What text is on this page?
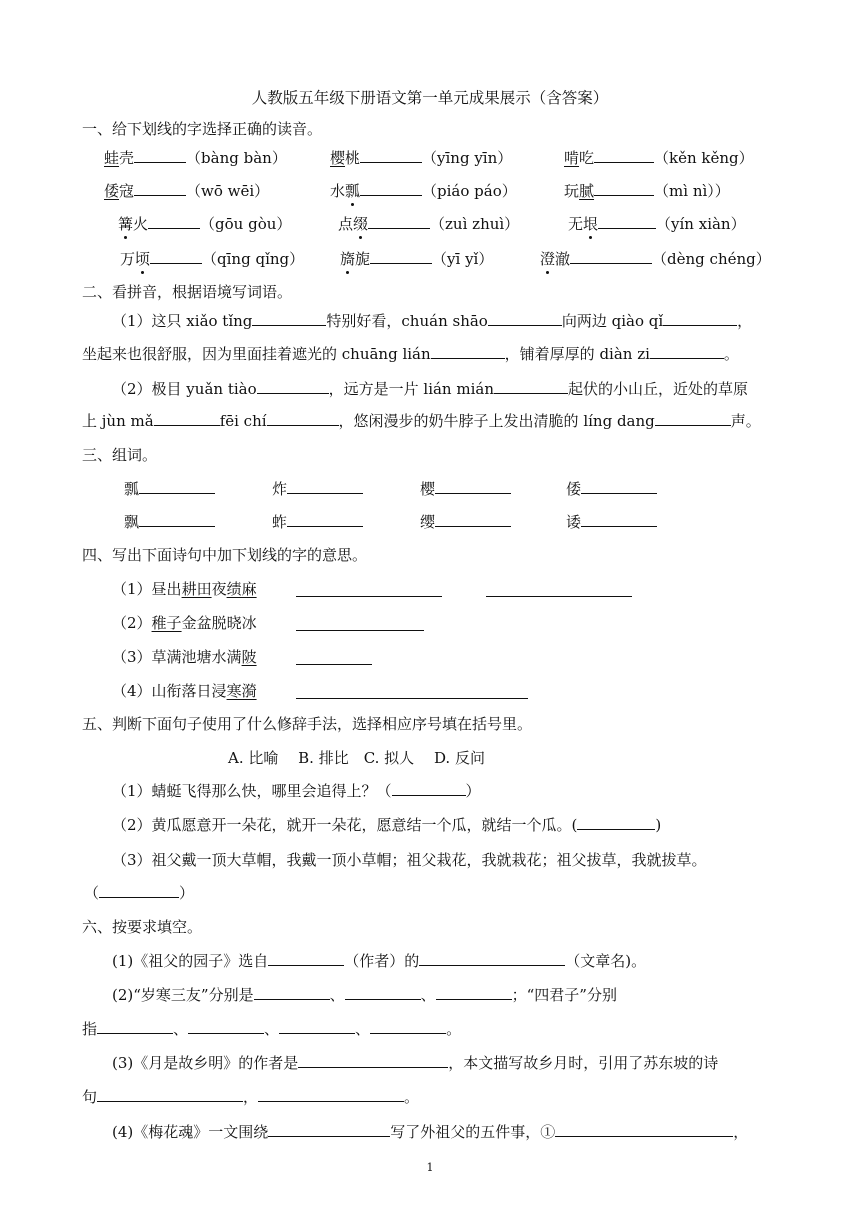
人教版五年级下册语文第一单元成果展示（含答案）
一、给下划线的字选择正确的读音。
蛙壳	（bàng bàn）	樱桃	（yīng yīn）	啃吃	（kěn kěng）
倭寇	（wō wēi）	水瓢	（piáo páo）	玩腻	（mì nì））
篝火	（gōu gòu）	点缀	（zuì zhuì）	无垠	（yín xiàn）
万顷	（qīng qǐng） 旖旎	（yī yǐ）	澄澈	（dèng chéng）
二、看拼音，根据语境写词语。
（1）这只 xiǎo tǐng	特别好看，chuán shāo	向两边 qiào qǐ	，
坐起来也很舒服，因为里面挂着遮光的 chuāng lián	，铺着厚厚的 diàn zi	。
（2）极目 yuǎn tiào	，远方是一片 lián mián	起伏的小山丘，近处的草原
上 jùn mǎ	fēi chí	，悠闲漫步的奶牛脖子上发出清脆的 líng dang	声。
三、组词。
瓢	炸	樱	倭
飘	蚱	缨	诿
四、写出下面诗句中加下划线的字的意思。
（1）昼出耕田夜绩麻
（2）稚子金盆脱晓冰
（3）草满池塘水满陂
（4）山衔落日浸寒漪
五、判断下面句子使用了什么修辞手法，选择相应序号填在括号里。
A. 比喻　 B. 排比　C. 拟人　 D. 反问
（1）蜻蜓飞得那么快，哪里会追得上？（	）
（2）黄瓜愿意开一朵花，就开一朵花，愿意结一个瓜，就结一个瓜。(	)
（3）祖父戴一顶大草帽，我戴一顶小草帽；祖父栽花，我就栽花；祖父拔草，我就拔草。
（	）
六、按要求填空。
(1)《祖父的园子》选自	（作者）的	（文章名)。
(2)“岁寒三友”分别是	、	、	；“四君子”分别
指	、	、	、	。
(3)《月是故乡明》的作者是	，本文描写故乡月时，引用了苏东坡的诗
句	，	。
(4)《梅花魂》一文围绕	写了外祖父的五件事，①	，
1
